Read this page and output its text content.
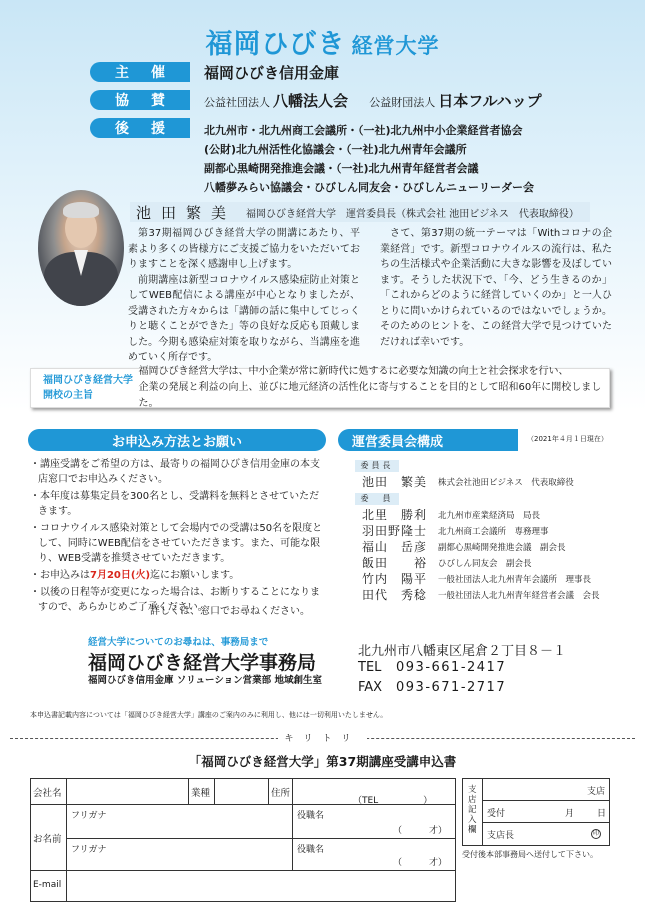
福岡ひびき 経営大学
主 催	福岡ひびき信用金庫
協 賛	公益社団法人 八幡法人会 公益財団法人 日本フルハップ
後 援	北九州市・北九州商工会議所・（一社)北九州中小企業経営者協会
(公財)北九州活性化協議会・（一社)北九州青年会議所
副都心黒崎開発推進会議・（一社)北九州青年経営者会議
八幡夢みらい協議会・ひびしん同友会・ひびしんニューリーダー会
池田繁美 福岡ひびき経営大学　運営委員長（株式会社 池田ビジネス　代表取締役）

第37期福岡ひびき経営大学の開講にあたり、平素より多くの皆様方にご支援ご協力をいただいておりますことを深く感謝申し上げます。

前期講座は新型コロナウイルス感染症防止対策としてWEB配信による講座が中心となりましたが、受講された方々からは「講師の話に集中してじっくりと聴くことができた」等の良好な反応も頂戴しました。今期も感染症対策を取りながら、当講座を進めていく所存です。

さて、第37期の統一テーマは「Withコロナの企業経営」です。新型コロナウイルスの流行は、私たちの生活様式や企業活動に大きな影響を及ぼしています。そうした状況下で、「今、どう生きるのか」「これからどのように経営していくのか」と一人ひとりに問いかけられているのではないでしょうか。そのためのヒントを、この経営大学で見つけていただければ幸いです。

福岡ひびき経営大学
開校の主旨
福岡ひびき経営大学は、中小企業が常に新時代に処するに必要な知識の向上と社会探求を行い、
企業の発展と利益の向上、並びに地元経済の活性化に寄与することを目的として昭和60年に開校しました。
お申込み方法とお願い
・講座受講をご希望の方は、最寄りの福岡ひびき信用金庫の本支店窓口でお申込みください。
・本年度は募集定員を300名とし、受講料を無料とさせていただきます。
・コロナウイルス感染対策として会場内での受講は50名を限度として、同時にWEB配信をさせていただきます。また、可能な限り、WEB受講を推奨させていただきます。
・お申込みは7月20日(火)迄にお願いします。
・以後の日程等が変更になった場合は、お断りすることになりますので、あらかじめご了承ください。
詳しくは、窓口でお尋ねください。
運営委員会構成	（2021年４月１日現在）
委員長
池田　繁美	株式会社池田ビジネス　代表取締役
委　員
北里　勝利	北九州市産業経済局　局長
羽田野隆士	北九州商工会議所　専務理事
福山　岳彦	副都心黒崎開発推進会議　副会長
飯田　　裕	ひびしん同友会　副会長
竹内　陽平	一般社団法人北九州青年会議所　理事長
田代　秀稔	一般社団法人北九州青年経営者会議　会長
経営大学についてのお尋ねは、事務局まで
福岡ひびき経営大学事務局
福岡ひびき信用金庫 ソリューション営業部 地域創生室
北九州市八幡東区尾倉２丁目８－１
TEL 093-661-2417
FAX 093-671-2717
本申込書記載内容については「福岡ひびき経営大学」講座のご案内のみに利用し、他には一切利用いたしません。
キリトリ
「福岡ひびき経営大学」第37期講座受講申込書
会社名	業種	住所
（TEL　　　　　）
お名前
フリガナ	役職名
（　　　才）
フリガナ	役職名
（　　　才）
E-mail
支店記入欄
支店
受付	月	日
支店長	印
受付後本部事務局へ送付して下さい。
